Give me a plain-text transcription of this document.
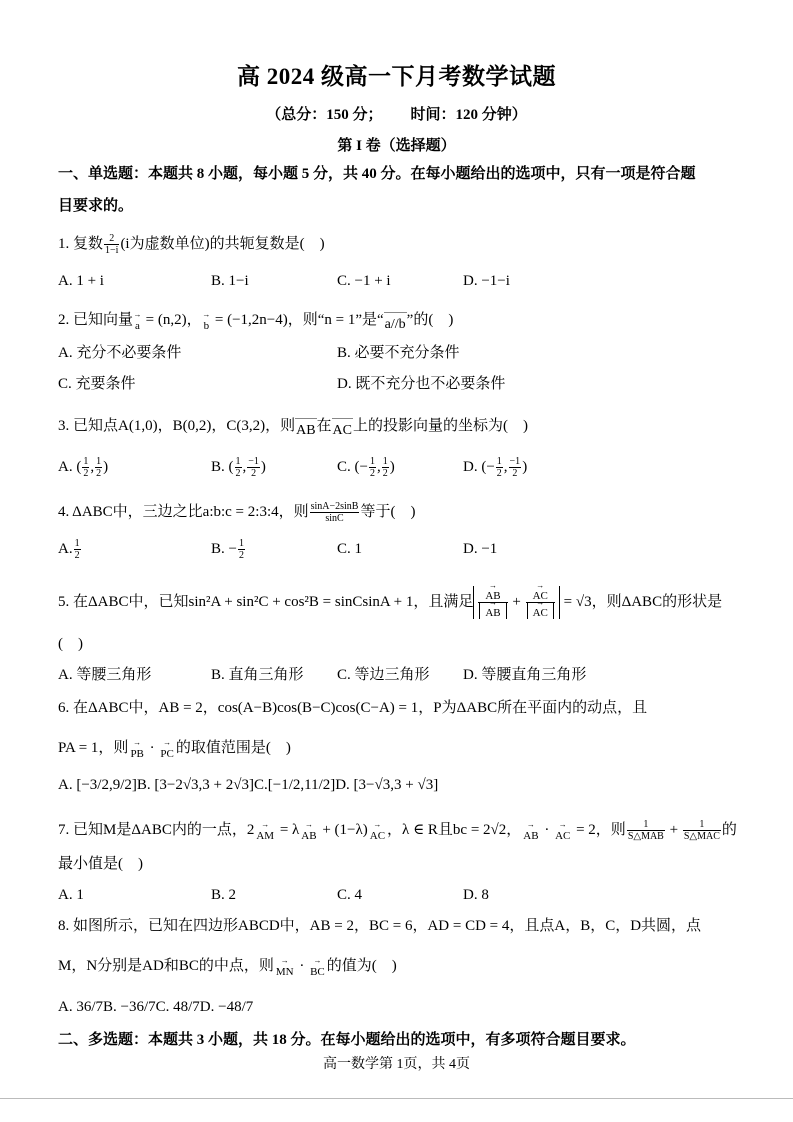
高 2024 级高一下月考数学试题
（总分：150 分； 时间：120 分钟）
第 I 卷（选择题）
一、单选题：本题共 8 小题，每小题 5 分，共 40 分。在每小题给出的选项中，只有一项是符合题
目要求的。
1. 复数 $\frac{2}{1-i} (i$为虚数单位)的共轭复数是(　)
A. 1 + i	B. 1−i	C. −1 + i	D. −1−i
2. 已知向量 → a = (n,2)， → b = (−1,2n−4)，则“n = 1”是“a//b”的(　)
A. 充分不必要条件	B. 必要不充分条件
C. 充要条件	D. 既不充分也不必要条件
3. 已知点A(1,0)，B(0,2)，C(3,2)，则AB在AC上的投影向量的坐标为(　)
A. ( $\frac{1}{2}$ , $\frac{1}{2}$ )	B. ( $\frac{1}{2}$ , $\frac{-1}{2}$ )	C. (− $\frac{1}{2}$ , $\frac{1}{2}$ )	D. (− $\frac{1}{2}$ , $\frac{-1}{2}$ )
4. ΔABC中，三边之比a:b:c = 2:3:4，则 $\frac{\sin A-2\sin B}{\sin C}$ 等于(　)
A. $\frac{1}{2}$	B. − $\frac{1}{2}$	C. 1	D. −1
5. 在ΔABC中，已知sin²A + sin²C + cos²B = sinCsinA + 1，且满足 → AB
→ AB + → AC
→ AC = √3，则ΔABC的形状是
(　)
A. 等腰三角形	B. 直角三角形 C. 等边三角形 D. 等腰直角三角形
6. 在ΔABC中，AB = 2，cos(A−B)cos(B−C)cos(C−A) = 1，P为ΔABC所在平面内的动点，且
PA = 1，则 → PB · → PC 的取值范围是(　)
A. [−3/2,9/2]B. [3−2√3,3 + 2√3]C.[−1/2,11/2]D. [3−√3,3 + √3]
7. 已知M是ΔABC内的一点，2 → AM = λ → AB + (1−λ) → AC ，λ ∈ R且bc = 2√2， → AB · → AC = 2，则 $\frac{1}{\text{S△MAB}} + \frac{1}{\text{S△MAC}}$ 的
最小值是(　)
A. 1	B. 2	C. 4	D. 8
8. 如图所示，已知在四边形ABCD中，AB = 2，BC = 6，AD = CD = 4，且点A，B，C，D共圆，点
M，N分别是AD和BC的中点，则 → MN · → BC 的值为(　)
A. 36/7B. −36/7C. 48/7D. −48/7
二、多选题：本题共 3 小题，共 18 分。在每小题给出的选项中，有多项符合题目要求。
高一数学第 1页，共 4页
